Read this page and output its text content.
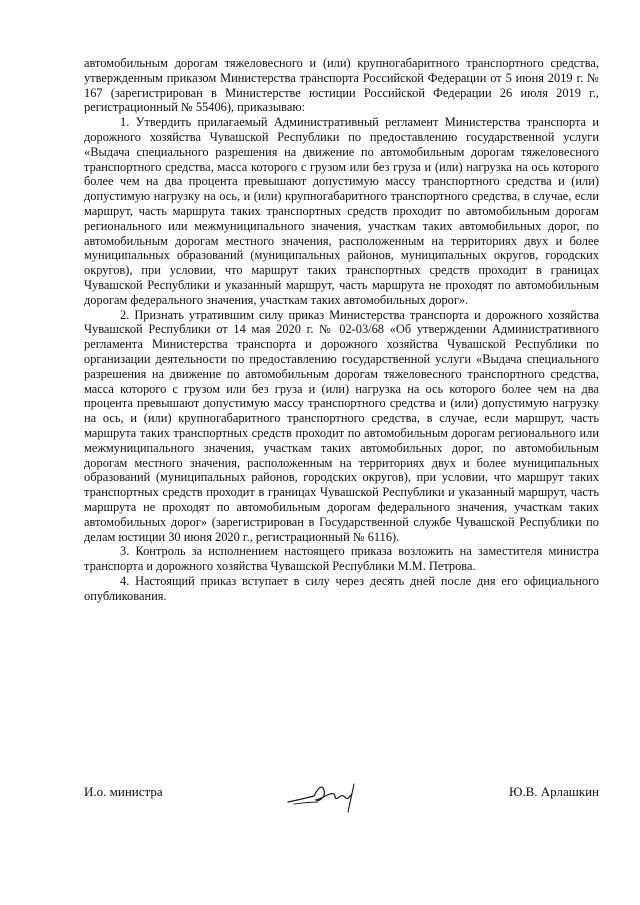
автомобильным дорогам тяжеловесного и (или) крупногабаритного транспортного средства, утвержденным приказом Министерства транспорта Российской Федерации от 5 июня 2019 г. № 167 (зарегистрирован в Министерстве юстиции Российской Федерации 26 июля 2019 г., регистрационный № 55406), приказываю:

1. Утвердить прилагаемый Административный регламент Министерства транспорта и дорожного хозяйства Чувашской Республики по предоставлению государственной услуги «Выдача специального разрешения на движение по автомобильным дорогам тяжеловесного транспортного средства, масса которого с грузом или без груза и (или) нагрузка на ось которого более чем на два процента превышают допустимую массу транспортного средства и (или) допустимую нагрузку на ось, и (или) крупногабаритного транспортного средства, в случае, если маршрут, часть маршрута таких транспортных средств проходит по автомобильным дорогам регионального или межмуниципального значения, участкам таких автомобильных дорог, по автомобильным дорогам местного значения, расположенным на территориях двух и более муниципальных образований (муниципальных районов, муниципальных округов, городских округов), при условии, что маршрут таких транспортных средств проходит в границах Чувашской Республики и указанный маршрут, часть маршрута не проходят по автомобильным дорогам федерального значения, участкам таких автомобильных дорог».

2. Признать утратившим силу приказ Министерства транспорта и дорожного хозяйства Чувашской Республики от 14 мая 2020 г. № 02-03/68 «Об утверждении Административного регламента Министерства транспорта и дорожного хозяйства Чувашской Республики по организации деятельности по предоставлению государственной услуги «Выдача специального разрешения на движение по автомобильным дорогам тяжеловесного транспортного средства, масса которого с грузом или без груза и (или) нагрузка на ось которого более чем на два процента превышают допустимую массу транспортного средства и (или) допустимую нагрузку на ось, и (или) крупногабаритного транспортного средства, в случае, если маршрут, часть маршрута таких транспортных средств проходит по автомобильным дорогам регионального или межмуниципального значения, участкам таких автомобильных дорог, по автомобильным дорогам местного значения, расположенным на территориях двух и более муниципальных образований (муниципальных районов, городских округов), при условии, что маршрут таких транспортных средств проходит в границах Чувашской Республики и указанный маршрут, часть маршрута не проходят по автомобильным дорогам федерального значения, участкам таких автомобильных дорог» (зарегистрирован в Государственной службе Чувашской Республики по делам юстиции 30 июня 2020 г., регистрационный № 6116).

3. Контроль за исполнением настоящего приказа возложить на заместителя министра транспорта и дорожного хозяйства Чувашской Республики М.М. Петрова.

4. Настоящий приказ вступает в силу через десять дней после дня его официального опубликования.

И.о. министра	Ю.В. Арлашкин
